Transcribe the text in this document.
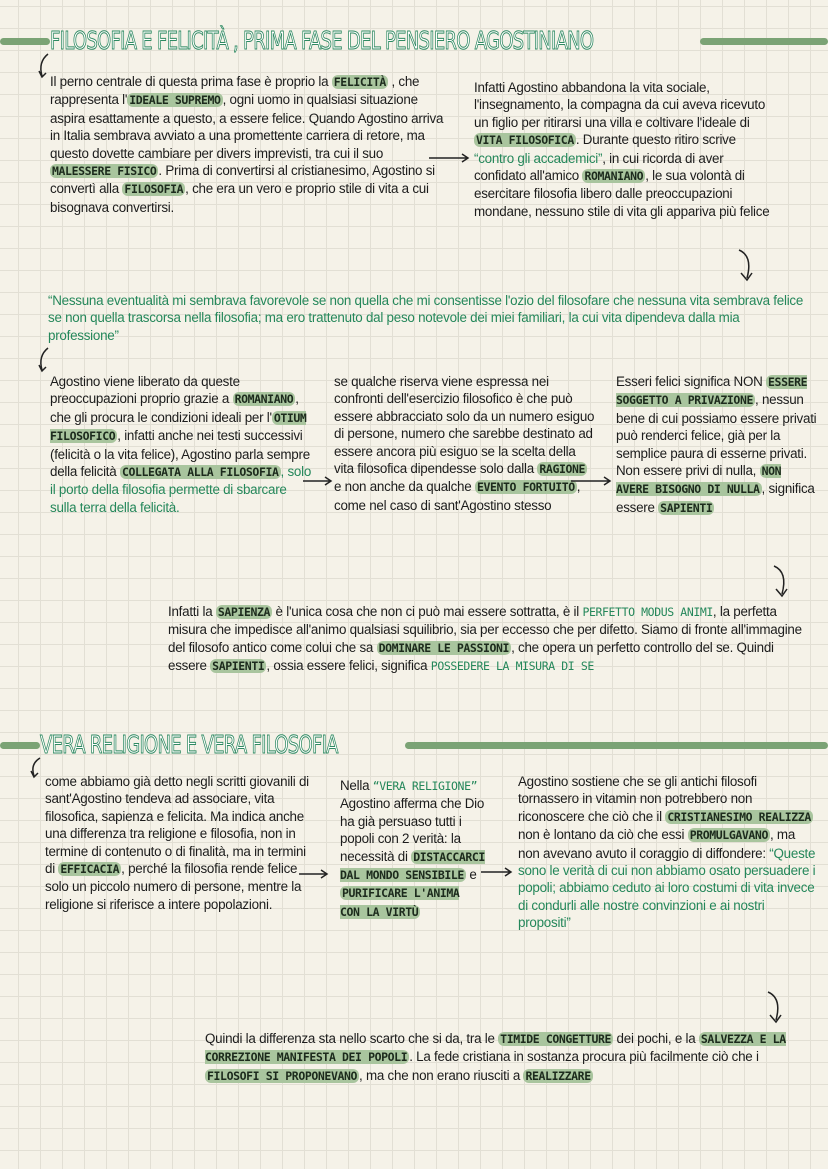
FILOSOFIA E FELICITÀ , PRIMA FASE DEL PENSIERO AGOSTINIANO
Il perno centrale di questa prima fase è proprio la FELICITÀ , che rappresenta l' IDEALE SUPREMO , ogni uomo in qualsiasi situazione aspira esattamente a questo, a essere felice. Quando Agostino arriva in Italia sembrava avviato a una promettente carriera di retore, ma questo dovette cambiare per divers imprevisti, tra cui il suo MALESSERE FISICO . Prima di convertirsi al cristianesimo, Agostino si convertì alla FILOSOFIA , che era un vero e proprio stile di vita a cui bisognava convertirsi.
Infatti Agostino abbandona la vita sociale, l'insegnamento, la compagna da cui aveva ricevuto un figlio per ritirarsi una villa e coltivare l'ideale di VITA FILOSOFICA . Durante questo ritiro scrive “contro gli accademici”, in cui ricorda di aver confidato all'amico ROMANIANO , le sua volontà di esercitare filosofia libero dalle preoccupazioni mondane, nessuno stile di vita gli appariva più felice
“Nessuna eventualità mi sembrava favorevole se non quella che mi consentisse l'ozio del filosofare che nessuna vita sembrava felice se non quella trascorsa nella filosofia; ma ero trattenuto dal peso notevole dei miei familiari, la cui vita dipendeva dalla mia professione”
Agostino viene liberato da queste preoccupazioni proprio grazie a ROMANIANO , che gli procura le condizioni ideali per l' OTIUM FILOSOFICO , infatti anche nei testi successivi (felicità o la vita felice), Agostino parla sempre della felicità COLLEGATA ALLA FILOSOFIA , solo il porto della filosofia permette di sbarcare sulla terra della felicità.
se qualche riserva viene espressa nei confronti dell'esercizio filosofico è che può essere abbracciato solo da un numero esiguo di persone, numero che sarebbe destinato ad essere ancora più esiguo se la scelta della vita filosofica dipendesse solo dalla RAGIONE e non anche da qualche EVENTO FORTUITO , come nel caso di sant'Agostino stesso
Esseri felici significa NON ESSERE SOGGETTO A PRIVAZIONE , nessun bene di cui possiamo essere privati può renderci felice, già per la semplice paura di esserne privati. Non essere privi di nulla, NON AVERE BISOGNO DI NULLA , significa essere SAPIENTI
Infatti la SAPIENZA è l'unica cosa che non ci può mai essere sottratta, è il PERFETTO MODUS ANIMI, la perfetta misura che impedisce all'animo qualsiasi squilibrio, sia per eccesso che per difetto. Siamo di fronte all'immagine del filosofo antico come colui che sa DOMINARE LE PASSIONI , che opera un perfetto controllo del se. Quindi essere SAPIENTI , ossia essere felici, significa POSSEDERE LA MISURA DI SE
VERA RELIGIONE E VERA FILOSOFIA
come abbiamo già detto negli scritti giovanili di sant'Agostino tendeva ad associare, vita filosofica, sapienza e felicita. Ma indica anche una differenza tra religione e filosofia, non in termine di contenuto o di finalità, ma in termini di EFFICACIA , perché la filosofia rende felice solo un piccolo numero di persone, mentre la religione si riferisce a intere popolazioni.
Nella “VERA RELIGIONE” Agostino afferma che Dio ha già persuaso tutti i popoli con 2 verità: la necessità di DISTACCARCI DAL MONDO SENSIBILE e PURIFICARE L'ANIMA CON LA VIRTÙ
Agostino sostiene che se gli antichi filosofi tornassero in vitamin non potrebbero non riconoscere che ciò che il CRISTIANESIMO REALIZZA non è lontano da ciò che essi PROMULGAVANO , ma non avevano avuto il coraggio di diffondere: “Queste sono le verità di cui non abbiamo osato persuadere i popoli; abbiamo ceduto ai loro costumi di vita invece di condurli alle nostre convinzioni e ai nostri propositi”
Quindi la differenza sta nello scarto che si da, tra le TIMIDE CONGETTURE dei pochi, e la SALVEZZA E LA CORREZIONE MANIFESTA DEI POPOLI . La fede cristiana in sostanza procura più facilmente ciò che i FILOSOFI SI PROPONEVANO , ma che non erano riusciti a REALIZZARE
